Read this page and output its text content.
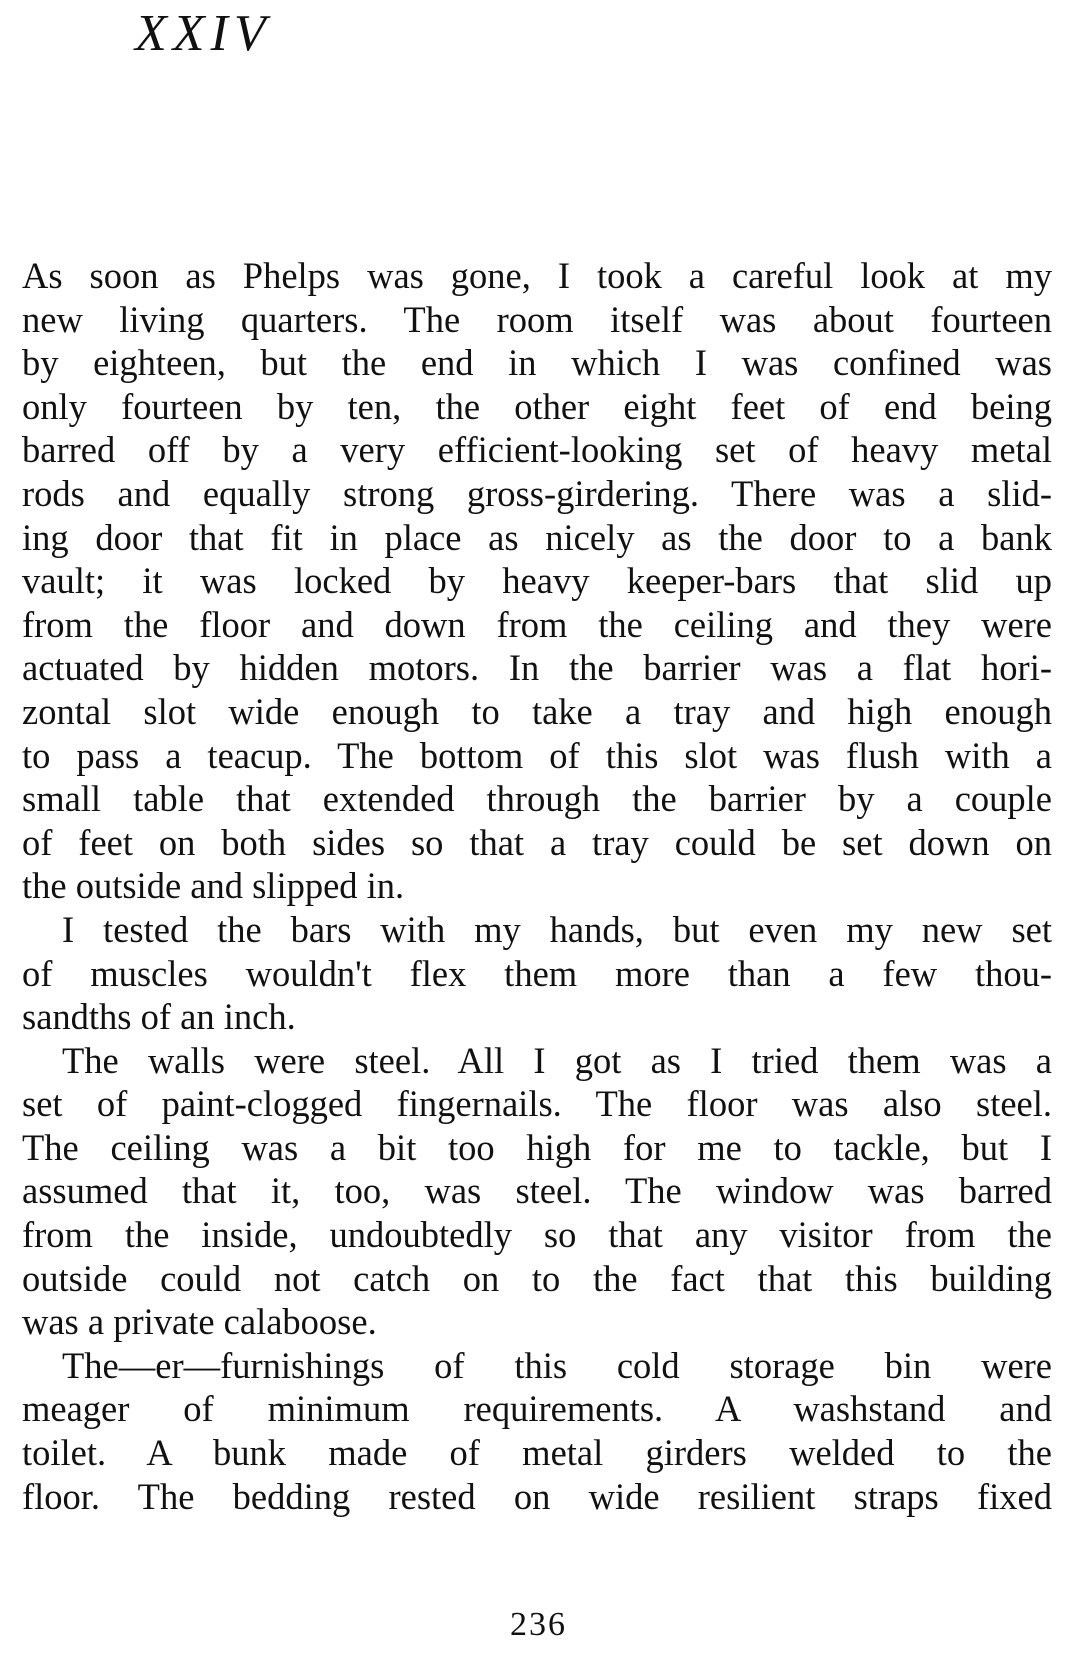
XXIV
As soon as Phelps was gone, I took a careful look at my
new living quarters. The room itself was about fourteen
by eighteen, but the end in which I was confined was
only fourteen by ten, the other eight feet of end being
barred off by a very efficient-looking set of heavy metal
rods and equally strong gross-girdering. There was a slid-
ing door that fit in place as nicely as the door to a bank
vault; it was locked by heavy keeper-bars that slid up
from the floor and down from the ceiling and they were
actuated by hidden motors. In the barrier was a flat hori-
zontal slot wide enough to take a tray and high enough
to pass a teacup. The bottom of this slot was flush with a
small table that extended through the barrier by a couple
of feet on both sides so that a tray could be set down on
the outside and slipped in.
I tested the bars with my hands, but even my new set
of muscles wouldn't flex them more than a few thou-
sandths of an inch.
The walls were steel. All I got as I tried them was a
set of paint-clogged fingernails. The floor was also steel.
The ceiling was a bit too high for me to tackle, but I
assumed that it, too, was steel. The window was barred
from the inside, undoubtedly so that any visitor from the
outside could not catch on to the fact that this building
was a private calaboose.
The—er—furnishings of this cold storage bin were
meager of minimum requirements. A washstand and
toilet. A bunk made of metal girders welded to the
floor. The bedding rested on wide resilient straps fixed
236
